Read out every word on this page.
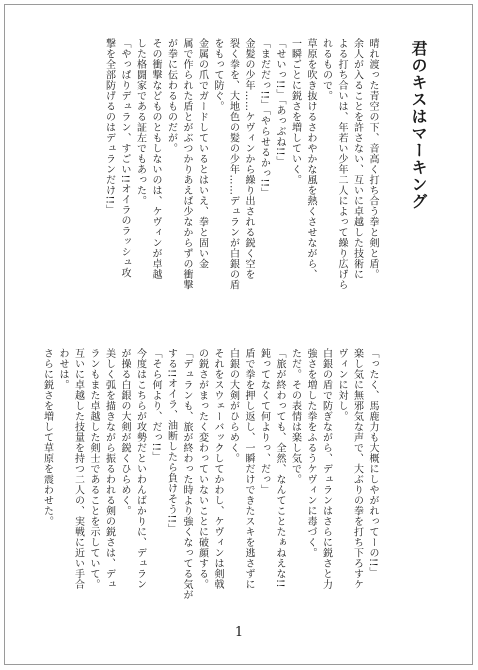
君のキスはマーキング

晴れ渡った青空の下、音高く打ち合う拳と剣と盾。

余人が入ることを許さない、互いに卓越した技術に

よる打ち合いは、年若い少年二人によって繰り広げら

れるもので。

草原を吹き抜けるさわやかな風を熱くさせながら、

一瞬ごとに鋭さを増していく。

「せいっ!!」「あっぶね!!」

「まだだっ!!」「やらせるかっ!!」

金髪の少年……ケヴィンから繰り出される鋭く空を

裂く拳を、大地色の髪の少年……デュランが白銀の盾

をもって防ぐ。

金属の爪でガードしているとはいえ、拳と固い金

属で作られた盾とがぶつかりあえば少なからずの衝撃

が拳に伝わるものだが。

その衝撃などものともしないのは、ケヴィンが卓越

した格闘家である証左でもあった。

「やっぱりデュラン、すごい!!オイラのラッシュ攻

撃を全部防げるのはデュランだけ!!」

「ったく、馬鹿力も大概にしやがれってーの!!」

楽し気に無邪気な声で、大ぶりの拳を打ち下ろすケ

ヴィンに対し。

白銀の盾で防ぎながら、デュランはさらに鋭さと力

強さを増した拳をふるうケヴィンに毒づく。

ただ。その表情は楽し気で。

「旅が終わっても、全然、なんてことたぁねえな!!

鈍ってなくて何よりっ、だっ」

盾で拳を押し返し、一瞬だけできたスキを逃さずに

白銀の大剣がひらめく。

それをスウェーバックしてかわし、ケヴィンは剣戟

の鋭さがまったく変わっていないことに破顔する。

「デュランも、旅が終わった時より強くなってる気が

する!!オイラ、油断したら負けそう!!」

「そら何より、だっ!!」

今度はこちらが攻勢だといわんばかりに、デュラン

が操る白銀の大剣が鋭くひらめく。

美しく弧を描きながら振るわれる剣の鋭さは、デュ

ランもまた卓越した剣士であることを示していて。

互いに卓越した技量を持つ二人の、実戦に近い手合

わせは。

さらに鋭さを増して草原を震わせた。

1
